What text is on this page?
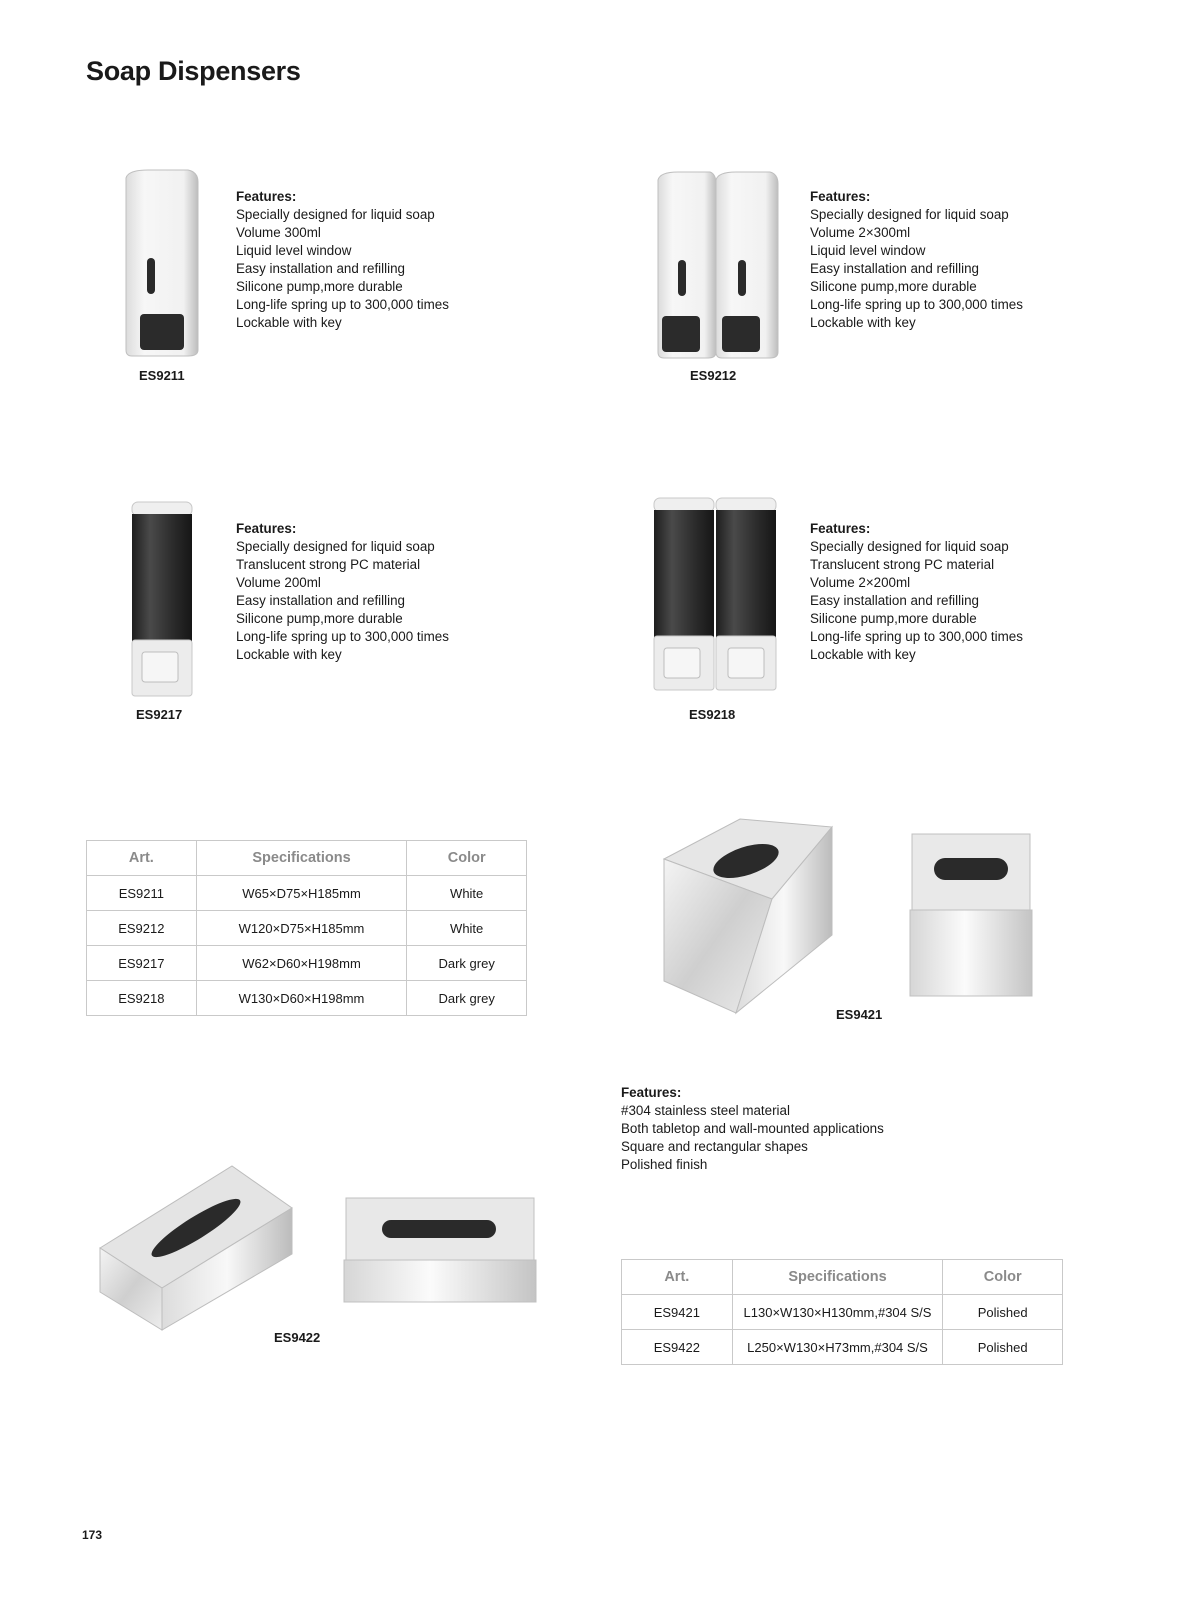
Soap Dispensers
ES9211
Features:
Specially designed for liquid soap
Volume 300ml
Liquid level window
Easy installation and refilling
Silicone pump,more durable
Long-life spring up to 300,000 times
Lockable with key
ES9212
Features:
Specially designed for liquid soap
Volume 2×300ml
Liquid level window
Easy installation and refilling
Silicone pump,more durable
Long-life spring up to 300,000 times
Lockable with key
ES9217
Features:
Specially designed for liquid soap
Translucent strong PC material
Volume 200ml
Easy installation and refilling
Silicone pump,more durable
Long-life spring up to 300,000 times
Lockable with key
ES9218
Features:
Specially designed for liquid soap
Translucent strong PC material
Volume 2×200ml
Easy installation and refilling
Silicone pump,more durable
Long-life spring up to 300,000 times
Lockable with key
Art.	Specifications	Color
ES9211	W65×D75×H185mm	White
ES9212	W120×D75×H185mm	White
ES9217	W62×D60×H198mm	Dark grey
ES9218	W130×D60×H198mm	Dark grey
ES9421
Features:
#304 stainless steel material
Both tabletop and wall-mounted applications
Square and rectangular shapes
Polished finish
ES9422
Art.	Specifications	Color
ES9421	L130×W130×H130mm,#304 S/S	Polished
ES9422	L250×W130×H73mm,#304 S/S	Polished
173
